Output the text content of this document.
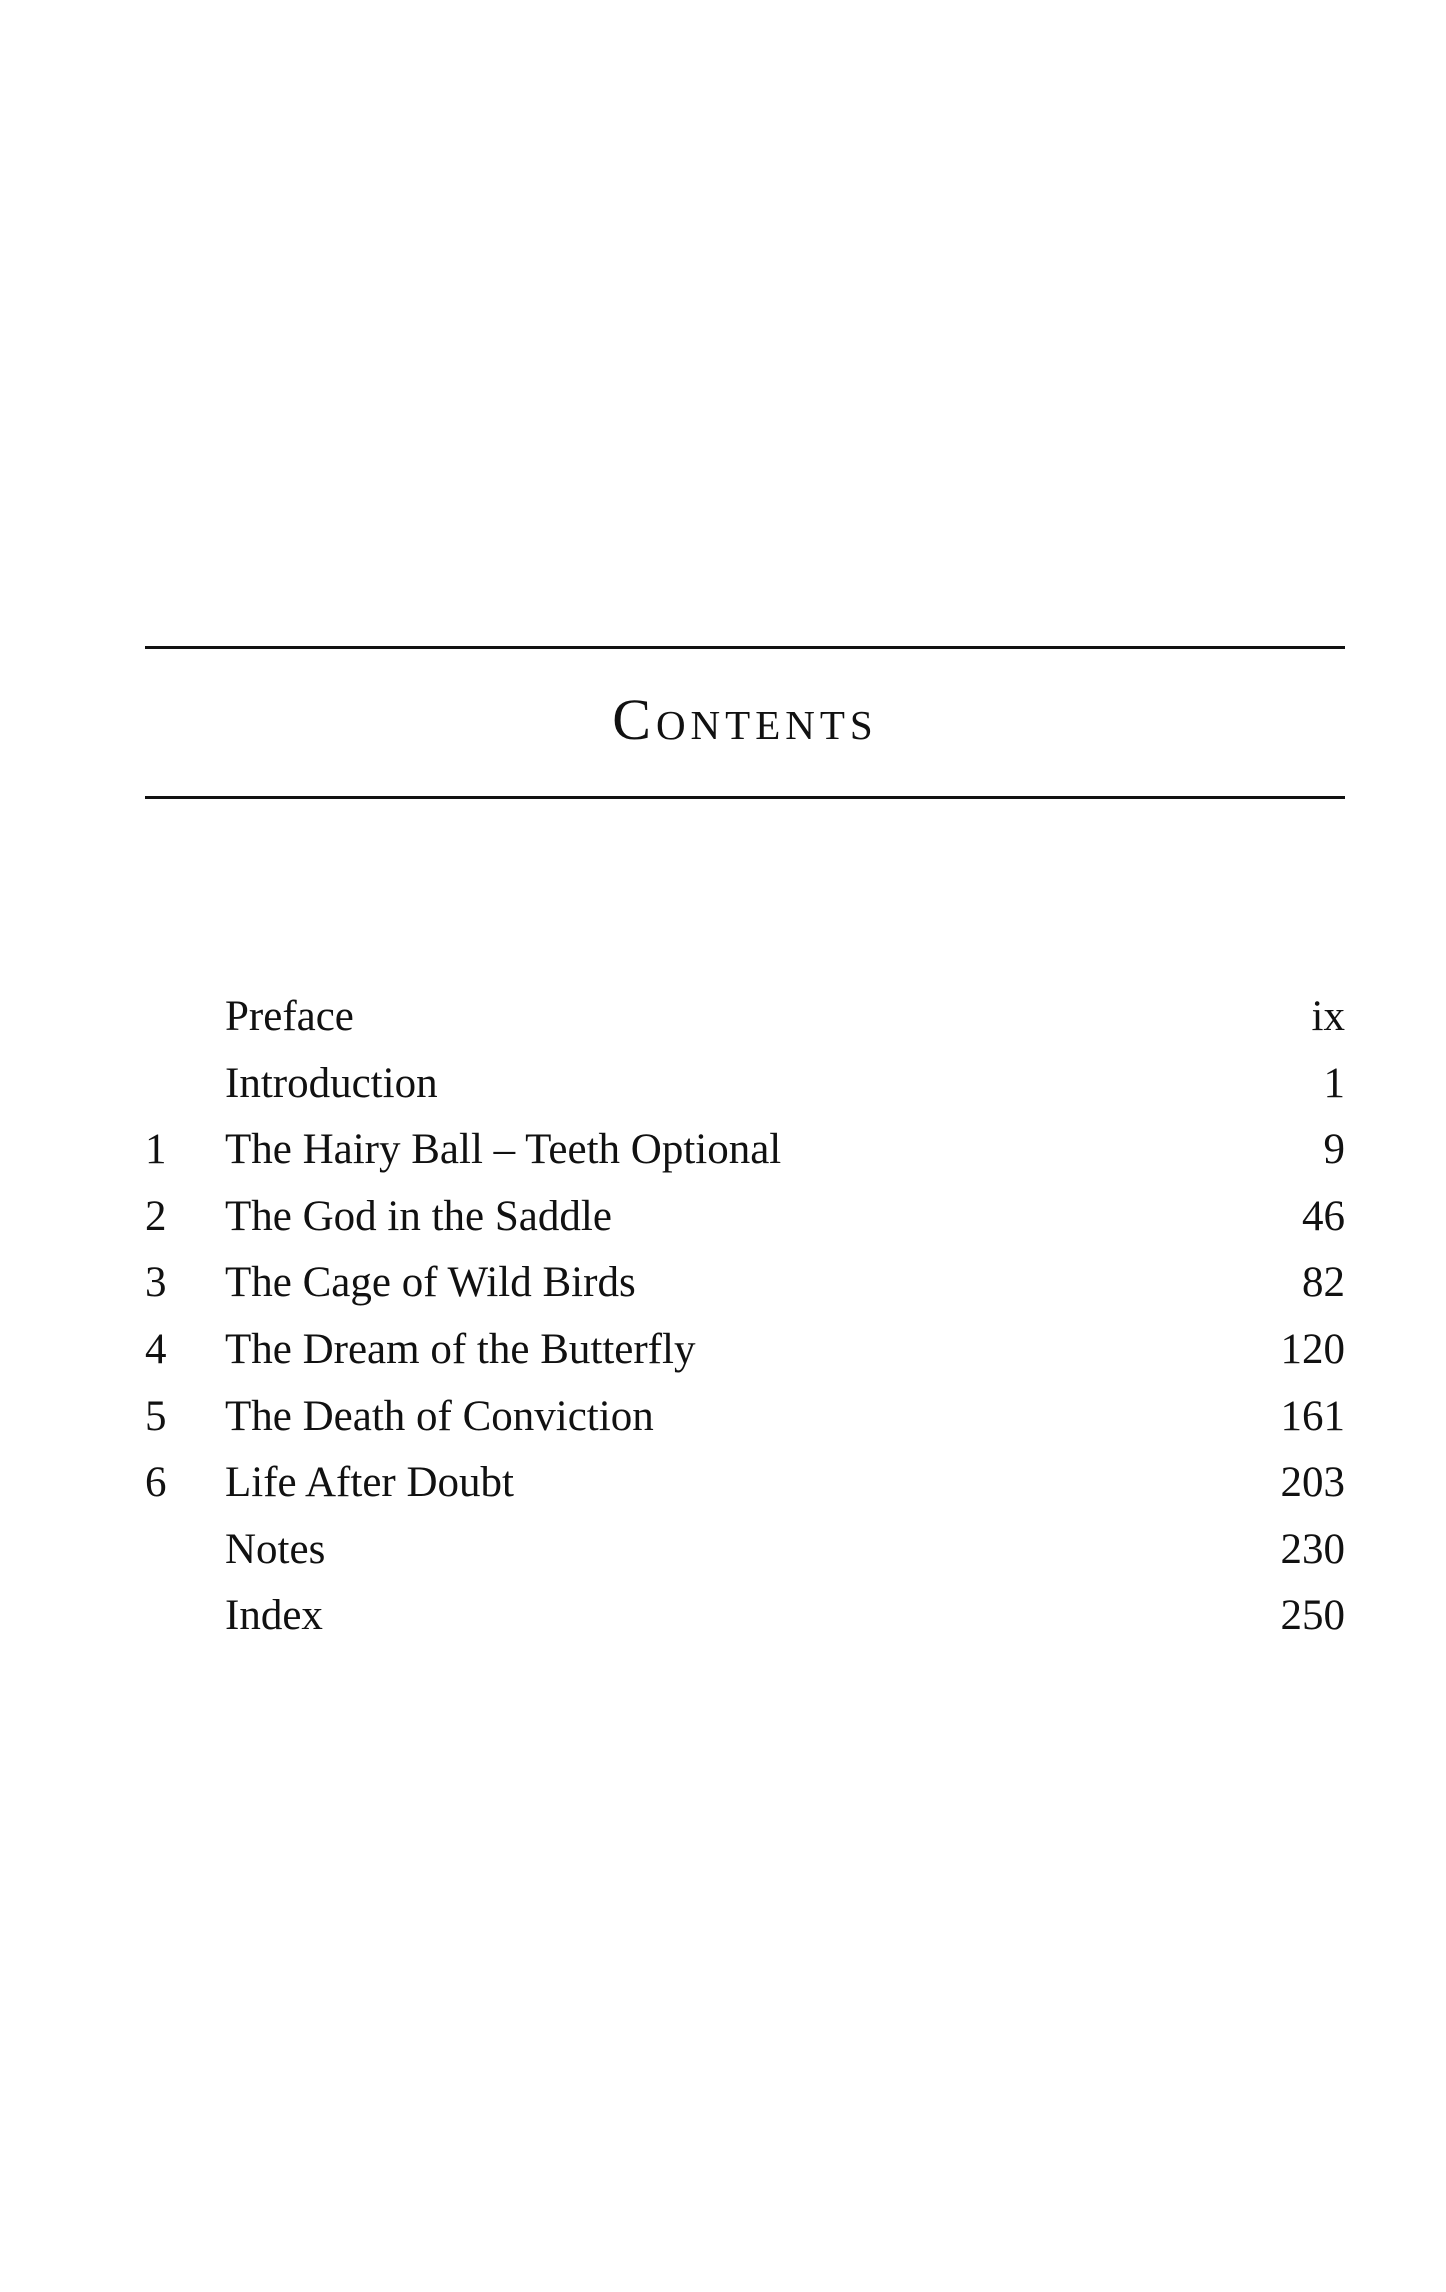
Contents
Preface	ix
Introduction	1
1	The Hairy Ball – Teeth Optional	9
2	The God in the Saddle	46
3	The Cage of Wild Birds	82
4	The Dream of the Butterfly	120
5	The Death of Conviction	161
6	Life After Doubt	203
Notes	230
Index	250
